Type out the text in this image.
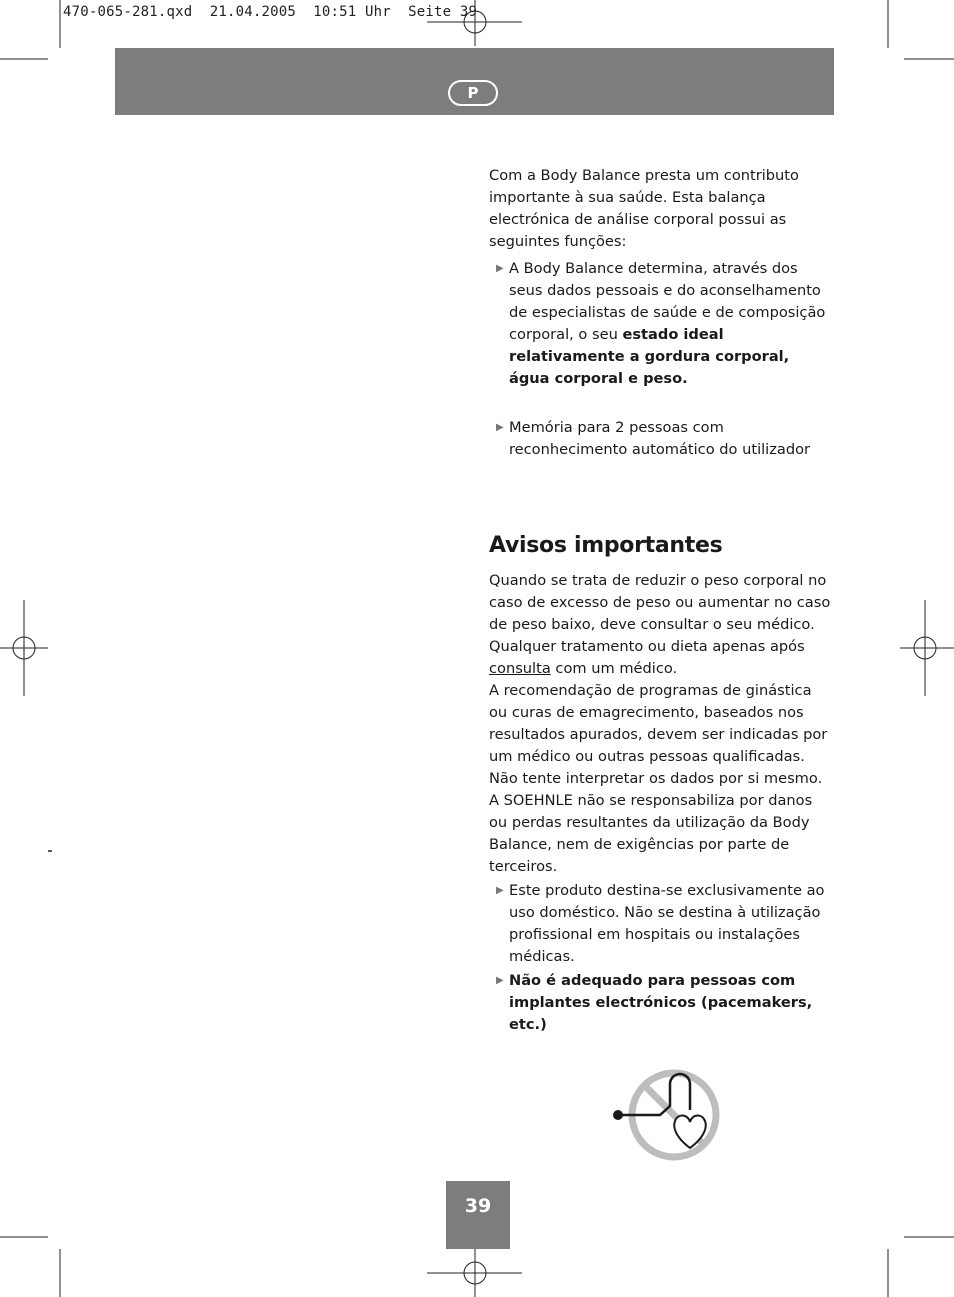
470-065-281.qxd  21.04.2005  10:51 Uhr  Seite 39
P

Com a Body Balance presta um contributo importante à sua saúde. Esta balança electrónica de análise corporal possui as seguintes funções:

▶ A Body Balance determina, através dos seus dados pessoais e do aconselhamento de especialistas de saúde e de composição corporal, o seu estado ideal relativamente a gordura corporal, água corporal e peso.
▶ Memória para 2 pessoas com reconhecimento automático do utilizador
Avisos importantes

Quando se trata de reduzir o peso corporal no caso de excesso de peso ou aumentar no caso de peso baixo, deve consultar o seu médico. Qualquer tratamento ou dieta apenas após consulta com um médico.

A recomendação de programas de ginástica ou curas de emagrecimento, baseados nos resultados apurados, devem ser indicadas por um médico ou outras pessoas qualificadas. Não tente interpretar os dados por si mesmo.

A SOEHNLE não se responsabiliza por danos ou perdas resultantes da utilização da Body Balance, nem de exigências por parte de terceiros.

▶ Este produto destina-se exclusivamente ao uso doméstico. Não se destina à utilização profissional em hospitais ou instalações médicas.
▶ Não é adequado para pessoas com implantes electrónicos (pacemakers, etc.)
39
